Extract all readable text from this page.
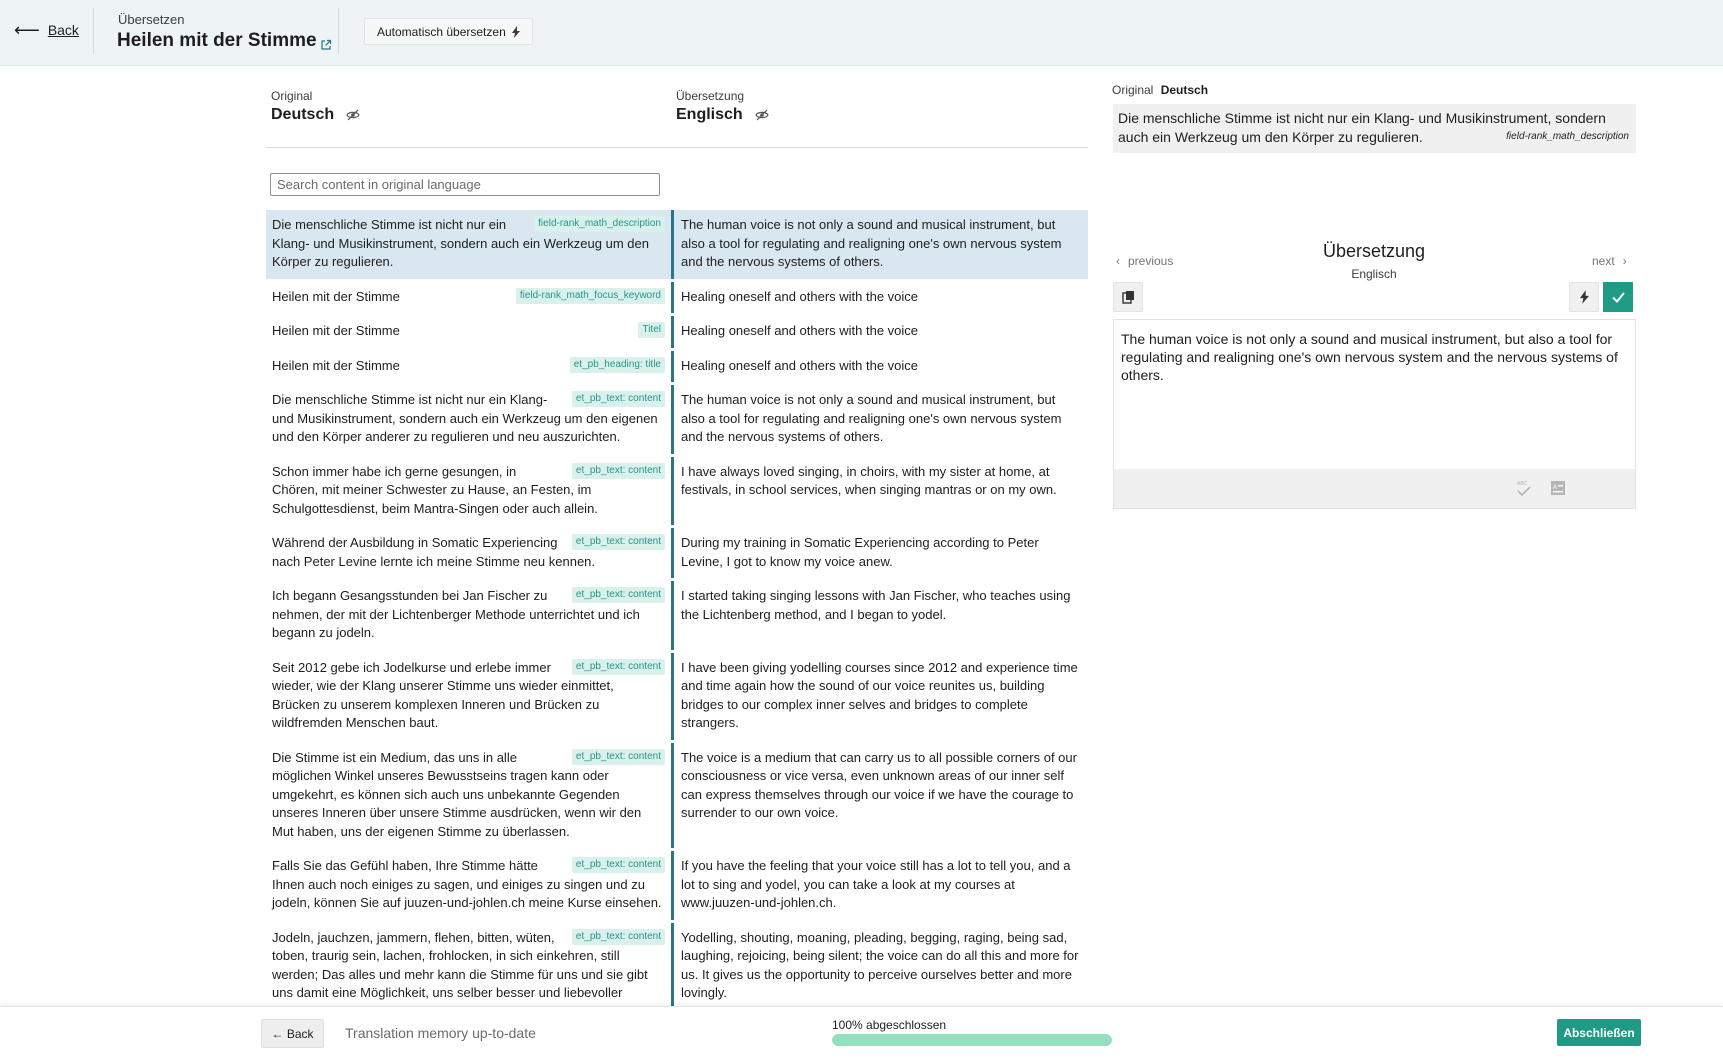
⟵ Back
Übersetzen
Heilen mit der Stimme	Automatisch übersetzen
Original
Deutsch
Übersetzung
Englisch
Search content in original language
field-rank_math_description
Die menschliche Stimme ist nicht nur ein Klang- und Musikinstrument, sondern auch ein Werkzeug um den Körper zu regulieren.
The human voice is not only a sound and musical instrument, but also a tool for regulating and realigning one's own nervous system and the nervous systems of others.
field-rank_math_focus_keyword
Heilen mit der Stimme	Healing oneself and others with the voice
Titel
Heilen mit der Stimme	Healing oneself and others with the voice
et_pb_heading: title
Heilen mit der Stimme	Healing oneself and others with the voice
et_pb_text: content
Die menschliche Stimme ist nicht nur ein Klang- und Musikinstrument, sondern auch ein Werkzeug um den eigenen und den Körper anderer zu regulieren und neu auszurichten.
The human voice is not only a sound and musical instrument, but also a tool for regulating and realigning one's own nervous system and the nervous systems of others.
et_pb_text: content
Schon immer habe ich gerne gesungen, in Chören, mit meiner Schwester zu Hause, an Festen, im Schulgottesdienst, beim Mantra-Singen oder auch allein.
I have always loved singing, in choirs, with my sister at home, at festivals, in school services, when singing mantras or on my own.
et_pb_text: content
Während der Ausbildung in Somatic Experiencing nach Peter Levine lernte ich meine Stimme neu kennen.
During my training in Somatic Experiencing according to Peter Levine, I got to know my voice anew.
et_pb_text: content
Ich begann Gesangsstunden bei Jan Fischer zu nehmen, der mit der Lichtenberger Methode unterrichtet und ich begann zu jodeln.
I started taking singing lessons with Jan Fischer, who teaches using the Lichtenberg method, and I began to yodel.
et_pb_text: content
Seit 2012 gebe ich Jodelkurse und erlebe immer wieder, wie der Klang unserer Stimme uns wieder einmittet, Brücken zu unserem komplexen Inneren und Brücken zu wildfremden Menschen baut.
I have been giving yodelling courses since 2012 and experience time and time again how the sound of our voice reunites us, building bridges to our complex inner selves and bridges to complete strangers.
et_pb_text: content
Die Stimme ist ein Medium, das uns in alle möglichen Winkel unseres Bewusstseins tragen kann oder umgekehrt, es können sich auch uns unbekannte Gegenden unseres Inneren über unsere Stimme ausdrücken, wenn wir den Mut haben, uns der eigenen Stimme zu überlassen.
The voice is a medium that can carry us to all possible corners of our consciousness or vice versa, even unknown areas of our inner self can express themselves through our voice if we have the courage to surrender to our own voice.
et_pb_text: content
Falls Sie das Gefühl haben, Ihre Stimme hätte Ihnen auch noch einiges zu sagen, und einiges zu singen und zu jodeln, können Sie auf juuzen-und-johlen.ch meine Kurse einsehen.
If you have the feeling that your voice still has a lot to tell you, and a lot to sing and yodel, you can take a look at my courses at www.juuzen-und-johlen.ch.
et_pb_text: content
Jodeln, jauchzen, jammern, flehen, bitten, wüten, toben, traurig sein, lachen, frohlocken, in sich einkehren, still werden; Das alles und mehr kann die Stimme für uns und sie gibt uns damit eine Möglichkeit, uns selber besser und liebevoller
Yodelling, shouting, moaning, pleading, begging, raging, being sad, laughing, rejoicing, being silent; the voice can do all this and more for us. It gives us the opportunity to perceive ourselves better and more lovingly.
Original Deutsch
Die menschliche Stimme ist nicht nur ein Klang- und Musikinstrument, sondern auch ein Werkzeug um den Körper zu regulieren.	field-rank_math_description
‹ previous	Übersetzung
Englisch
next ›
The human voice is not only a sound and musical instrument, but also a tool for regulating and realigning one's own nervous system and the nervous systems of others.
ABC
A
← Back	Translation memory up-to-date	100% abgeschlossen
Abschließen
